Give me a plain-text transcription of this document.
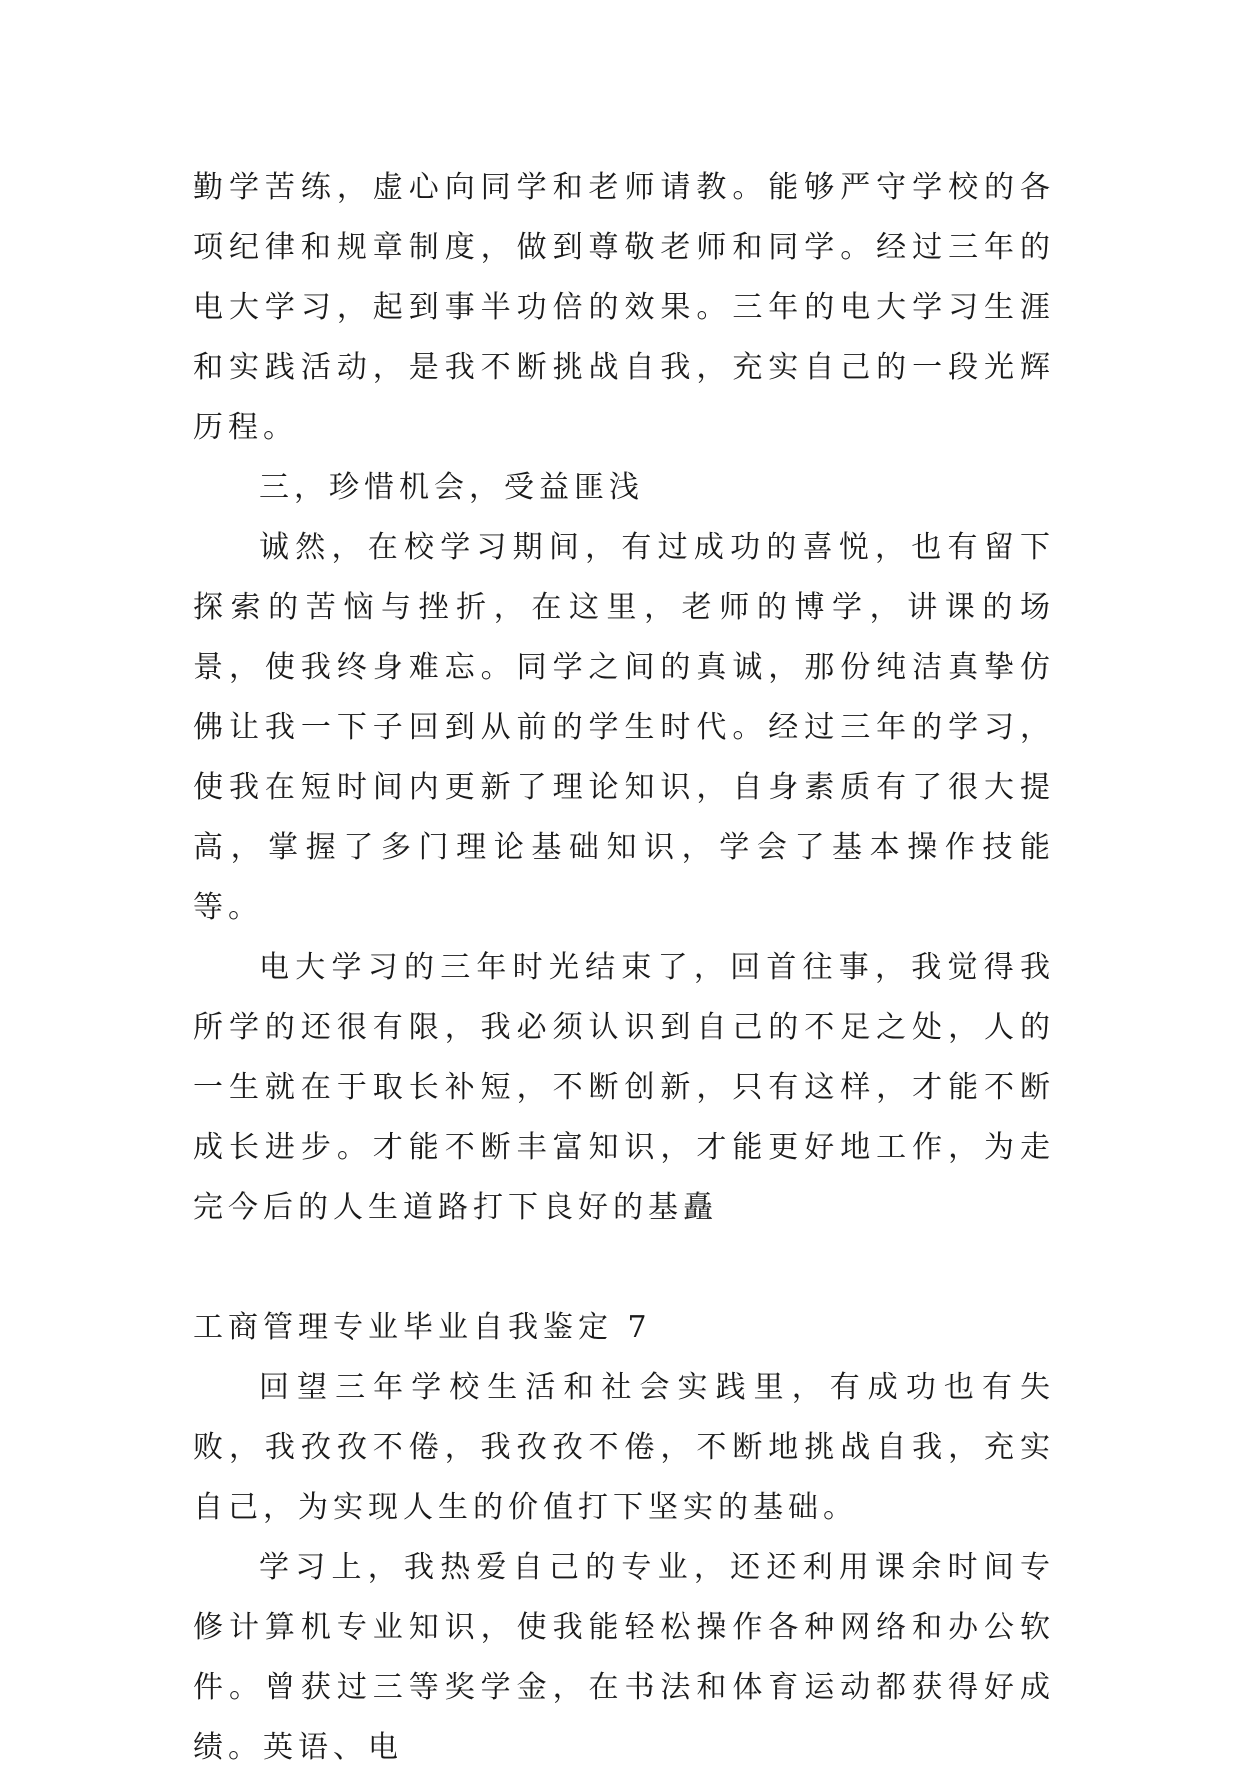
勤学苦练，虚心向同学和老师请教。能够严守学校的各项纪律和规章制度，做到尊敬老师和同学。经过三年的电大学习，起到事半功倍的效果。三年的电大学习生涯和实践活动，是我不断挑战自我，充实自己的一段光辉历程。

三，珍惜机会，受益匪浅

诚然，在校学习期间，有过成功的喜悦，也有留下探索的苦恼与挫折，在这里，老师的博学，讲课的场景，使我终身难忘。同学之间的真诚，那份纯洁真挚仿佛让我一下子回到从前的学生时代。经过三年的学习，使我在短时间内更新了理论知识，自身素质有了很大提高，掌握了多门理论基础知识，学会了基本操作技能等。

电大学习的三年时光结束了，回首往事，我觉得我所学的还很有限，我必须认识到自己的不足之处，人的一生就在于取长补短，不断创新，只有这样，才能不断成长进步。才能不断丰富知识，才能更好地工作，为走完今后的人生道路打下良好的基矗

工商管理专业毕业自我鉴定 7

回望三年学校生活和社会实践里，有成功也有失败，我孜孜不倦，我孜孜不倦，不断地挑战自我，充实自己，为实现人生的价值打下坚实的基础。

学习上，我热爱自己的专业，还还利用课余时间专修计算机专业知识，使我能轻松操作各种网络和办公软件。曾获过三等奖学金，在书法和体育运动都获得好成绩。英语、电
